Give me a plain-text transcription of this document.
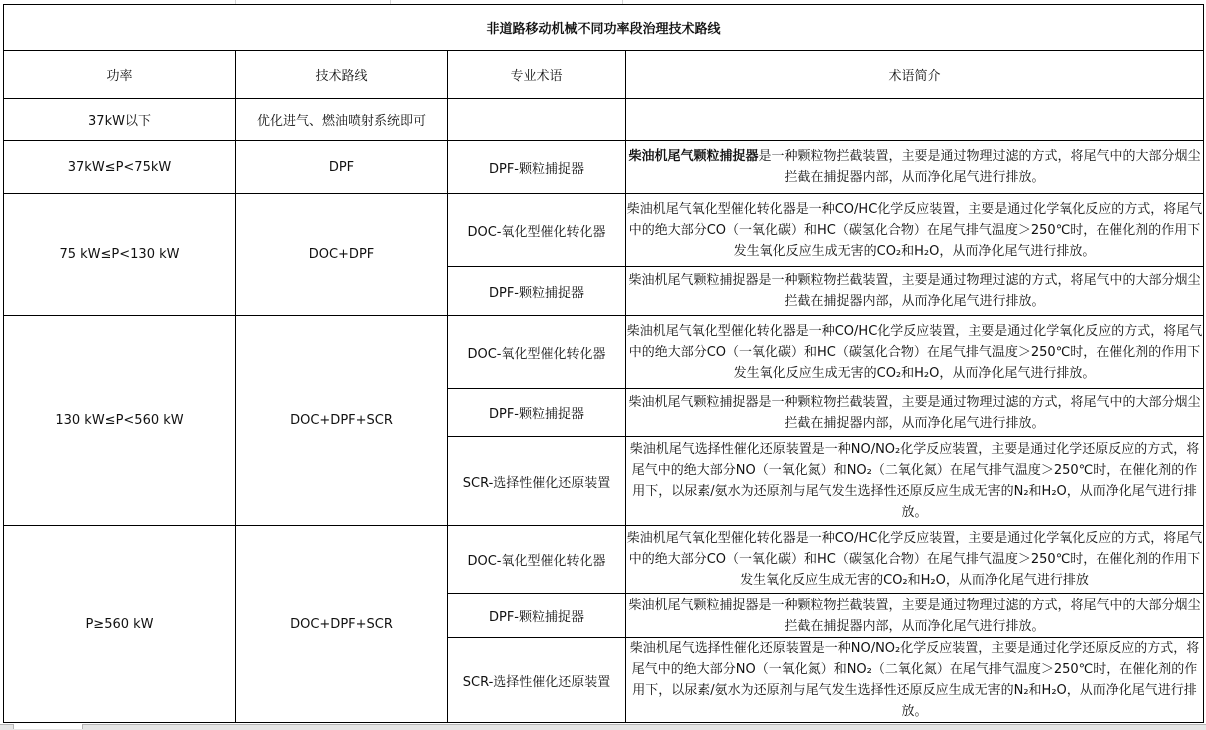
非道路移动机械不同功率段治理技术路线			
功率	技术路线	专业术语	术语简介
37kW以下	优化进气、燃油喷射系统即可		
37kW≤P<75kW	DPF	DPF-颗粒捕捉器	柴油机尾气颗粒捕捉器是一种颗粒物拦截装置，主要是通过物理过滤的方式，将尾气中的大部分烟尘拦截在捕捉器内部，从而净化尾气进行排放。
75 kW≤P<130 kW	DOC+DPF	DOC-氧化型催化转化器	柴油机尾气氧化型催化转化器是一种CO/HC化学反应装置，主要是通过化学氧化反应的方式，将尾气中的绝大部分CO（一氧化碳）和HC（碳氢化合物）在尾气排气温度＞250℃时，在催化剂的作用下发生氧化反应生成无害的CO₂和H₂O，从而净化尾气进行排放。
		DPF-颗粒捕捉器	柴油机尾气颗粒捕捉器是一种颗粒物拦截装置，主要是通过物理过滤的方式，将尾气中的大部分烟尘拦截在捕捉器内部，从而净化尾气进行排放。
130 kW≤P<560 kW	DOC+DPF+SCR	DOC-氧化型催化转化器	柴油机尾气氧化型催化转化器是一种CO/HC化学反应装置，主要是通过化学氧化反应的方式，将尾气中的绝大部分CO（一氧化碳）和HC（碳氢化合物）在尾气排气温度＞250℃时，在催化剂的作用下发生氧化反应生成无害的CO₂和H₂O，从而净化尾气进行排放。
		DPF-颗粒捕捉器	柴油机尾气颗粒捕捉器是一种颗粒物拦截装置，主要是通过物理过滤的方式，将尾气中的大部分烟尘拦截在捕捉器内部，从而净化尾气进行排放。
		SCR-选择性催化还原装置	柴油机尾气选择性催化还原装置是一种NO/NO₂化学反应装置，主要是通过化学还原反应的方式，将尾气中的绝大部分NO（一氧化氮）和NO₂（二氧化氮）在尾气排气温度＞250℃时，在催化剂的作用下，以尿素/氨水为还原剂与尾气发生选择性还原反应生成无害的N₂和H₂O，从而净化尾气进行排放。
P≥560 kW	DOC+DPF+SCR	DOC-氧化型催化转化器	柴油机尾气氧化型催化转化器是一种CO/HC化学反应装置，主要是通过化学氧化反应的方式，将尾气中的绝大部分CO（一氧化碳）和HC（碳氢化合物）在尾气排气温度＞250℃时，在催化剂的作用下发生氧化反应生成无害的CO₂和H₂O，从而净化尾气进行排放
		DPF-颗粒捕捉器	柴油机尾气颗粒捕捉器是一种颗粒物拦截装置，主要是通过物理过滤的方式，将尾气中的大部分烟尘拦截在捕捉器内部，从而净化尾气进行排放。
		SCR-选择性催化还原装置	柴油机尾气选择性催化还原装置是一种NO/NO₂化学反应装置，主要是通过化学还原反应的方式，将尾气中的绝大部分NO（一氧化氮）和NO₂（二氧化氮）在尾气排气温度＞250℃时，在催化剂的作用下，以尿素/氨水为还原剂与尾气发生选择性还原反应生成无害的N₂和H₂O，从而净化尾气进行排放。
